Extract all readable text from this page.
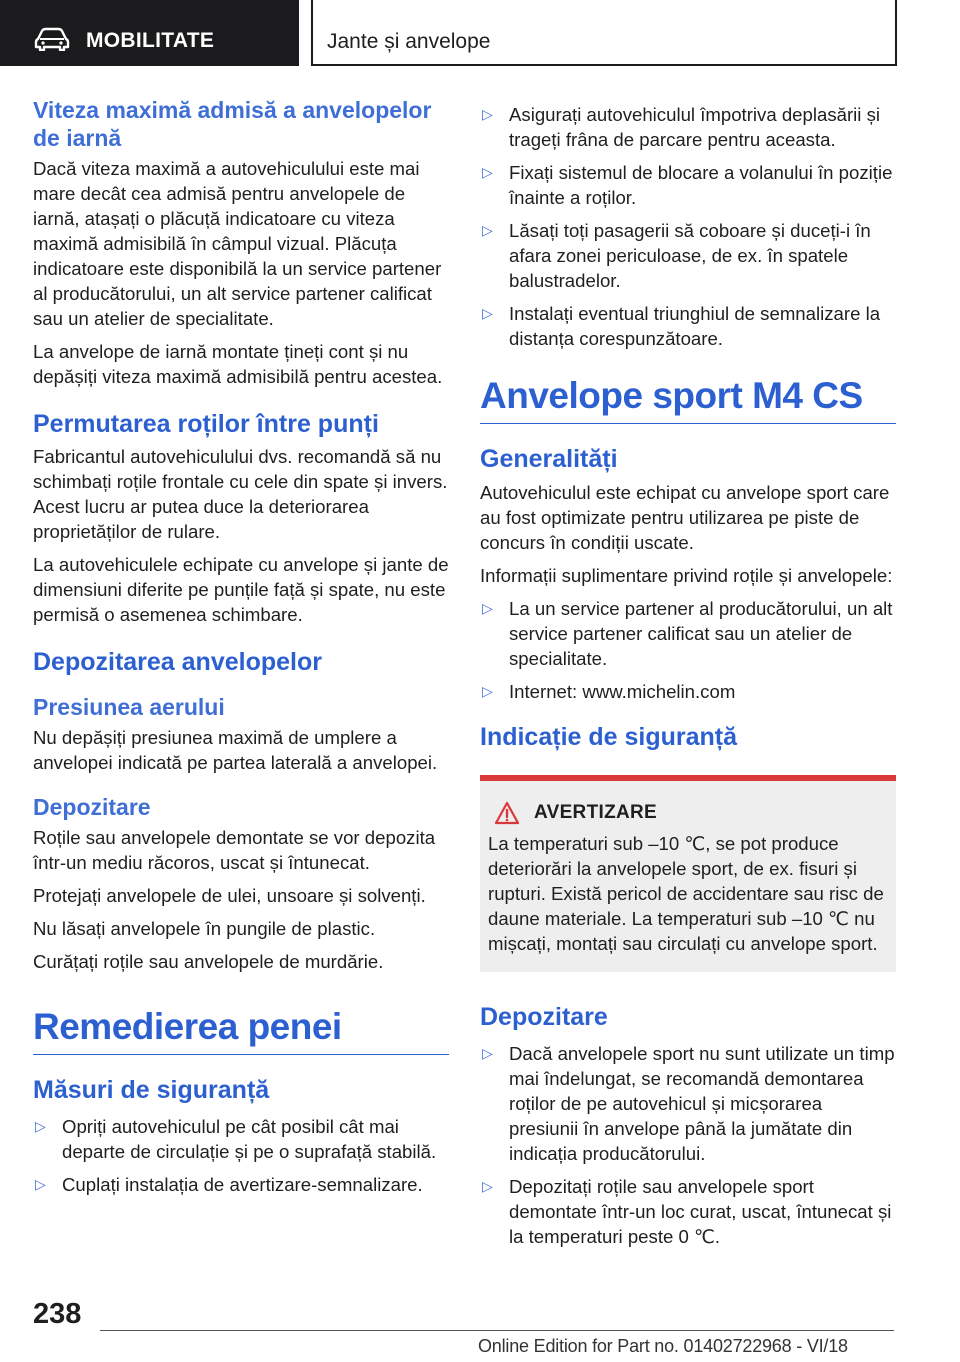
MOBILITATE	Jante și anvelope
Viteza maximă admisă a anvelopelor de iarnă

Dacă viteza maximă a autovehiculului este mai mare decât cea admisă pentru anvelopele de iarnă, atașați o plăcuță indicatoare cu viteza maximă admisibilă în câmpul vizual. Plăcuța indicatoare este disponibilă la un service partener al producătorului, un alt service partener calificat sau un atelier de specialitate.

La anvelope de iarnă montate țineți cont și nu depășiți viteza maximă admisibilă pentru acestea.

Permutarea roților între punți

Fabricantul autovehiculului dvs. recomandă să nu schimbați roțile frontale cu cele din spate și invers. Acest lucru ar putea duce la deteriorarea proprietăților de rulare.

La autovehiculele echipate cu anvelope și jante de dimensiuni diferite pe punțile față și spate, nu este permisă o asemenea schimbare.

Depozitarea anvelopelor
Presiunea aerului

Nu depășiți presiunea maximă de umplere a anvelopei indicată pe partea laterală a anvelopei.

Depozitare

Roțile sau anvelopele demontate se vor depozita într-un mediu răcoros, uscat și întunecat.

Protejați anvelopele de ulei, unsoare și solvenți.

Nu lăsați anvelopele în pungile de plastic.

Curățați roțile sau anvelopele de murdărie.

Remedierea penei
Măsuri de siguranță
▷ Opriți autovehiculul pe cât posibil cât mai departe de circulație și pe o suprafață stabilă.
▷ Cuplați instalația de avertizare-semnalizare.
▷ Asigurați autovehiculul împotriva deplasării și trageți frâna de parcare pentru aceasta.
▷ Fixați sistemul de blocare a volanului în poziție înainte a roților.
▷ Lăsați toți pasagerii să coboare și duceți-i în afara zonei periculoase, de ex. în spatele balustradelor.
▷ Instalați eventual triunghiul de semnalizare la distanța corespunzătoare.
Anvelope sport M4 CS
Generalități

Autovehiculul este echipat cu anvelope sport care au fost optimizate pentru utilizarea pe piste de concurs în condiții uscate.

Informații suplimentare privind roțile și anvelopele:

▷ La un service partener al producătorului, un alt service partener calificat sau un atelier de specialitate.
▷ Internet: www.michelin.com
Indicație de siguranță
AVERTIZARE

La temperaturi sub ‒10 ℃, se pot produce deteriorări la anvelopele sport, de ex. fisuri și rupturi. Există pericol de accidentare sau risc de daune materiale. La temperaturi sub ‒10 ℃ nu mișcați, montați sau circulați cu anvelope sport.

Depozitare
▷ Dacă anvelopele sport nu sunt utilizate un timp mai îndelungat, se recomandă demontarea roților de pe autovehicul și micșorarea presiunii în anvelope până la jumătate din indicația producătorului.
▷ Depozitați roțile sau anvelopele sport demontate într-un loc curat, uscat, întunecat și la temperaturi peste 0 ℃.
238
Online Edition for Part no. 01402722968 - VI/18
